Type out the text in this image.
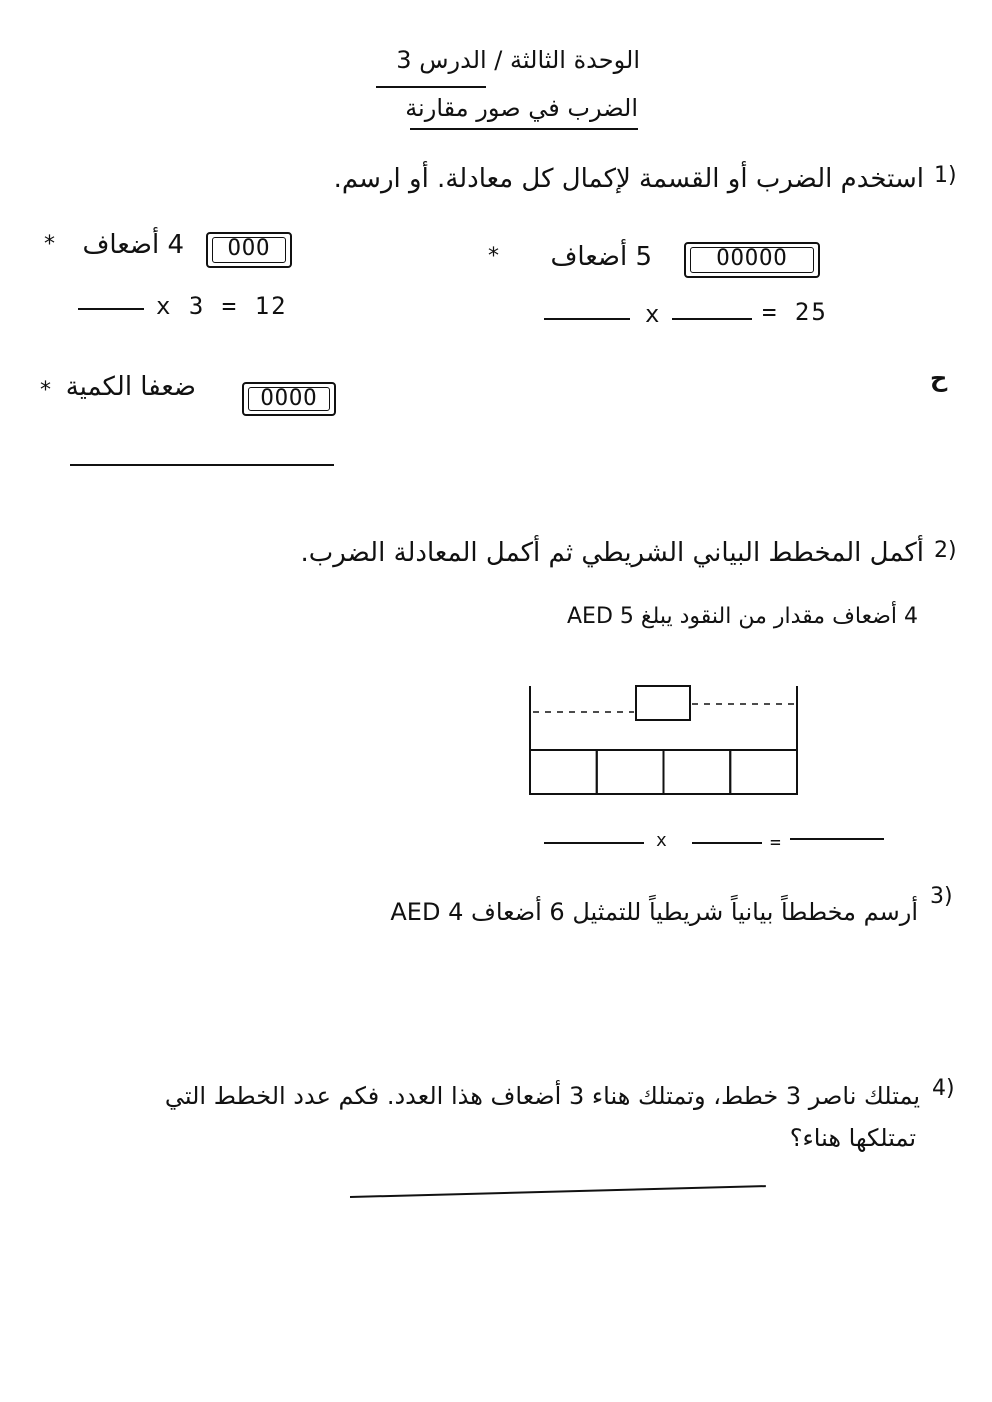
الوحدة الثالثة / الدرس 3
الضرب في صور مقارنة
1)
استخدم الضرب أو القسمة لإكمال كل معادلة. أو ارسم.
* 4 أضعاف	OOO
x 3 = 12
* 5 أضعاف	OOOOO
x	= 25
* ضعفا الكمية	OOOO
ح
2)
أكمل المخطط البياني الشريطي ثم أكمل المعادلة الضرب.
4 أضعاف مقدار من النقود يبلغ AED 5
x	=
3)
أرسم مخططاً بيانياً شريطياً للتمثيل 6 أضعاف AED 4
4)
يمتلك ناصر 3 خطط، وتمتلك هناء 3 أضعاف هذا العدد. فكم عدد الخطط التي
تمتلكها هناء؟
